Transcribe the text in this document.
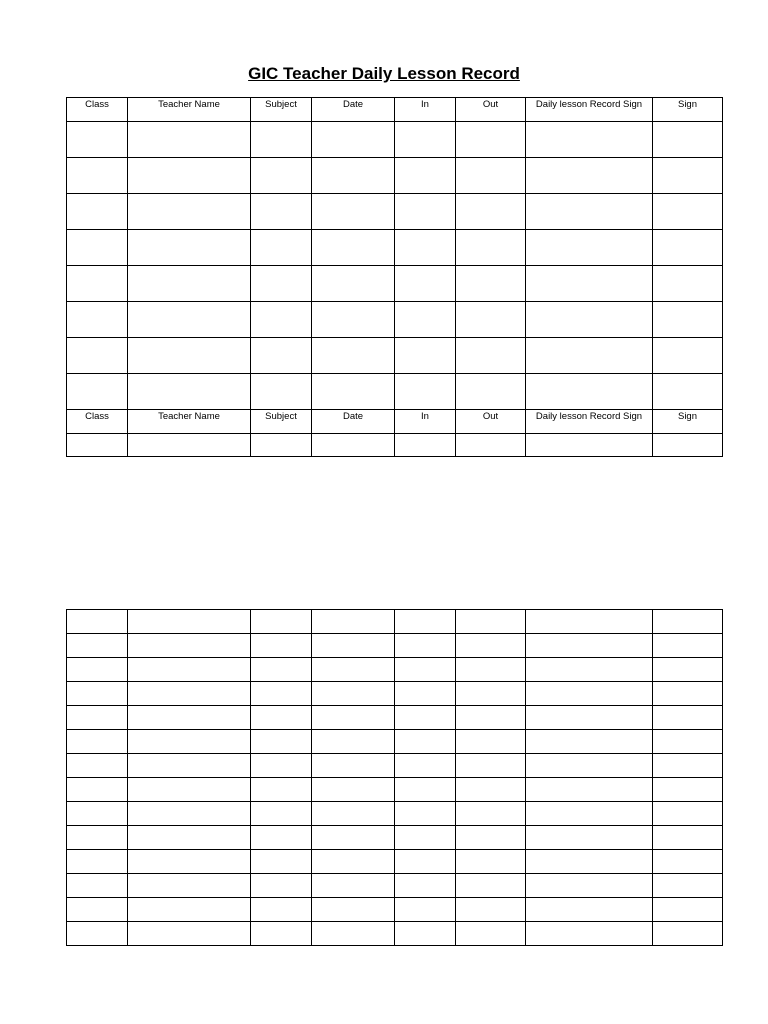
GIC Teacher Daily Lesson Record
Class	Teacher Name	Subject	Date	In	Out	Daily lesson Record Sign	Sign

Class	Teacher Name	Subject	Date	In	Out	Daily lesson Record Sign	Sign
